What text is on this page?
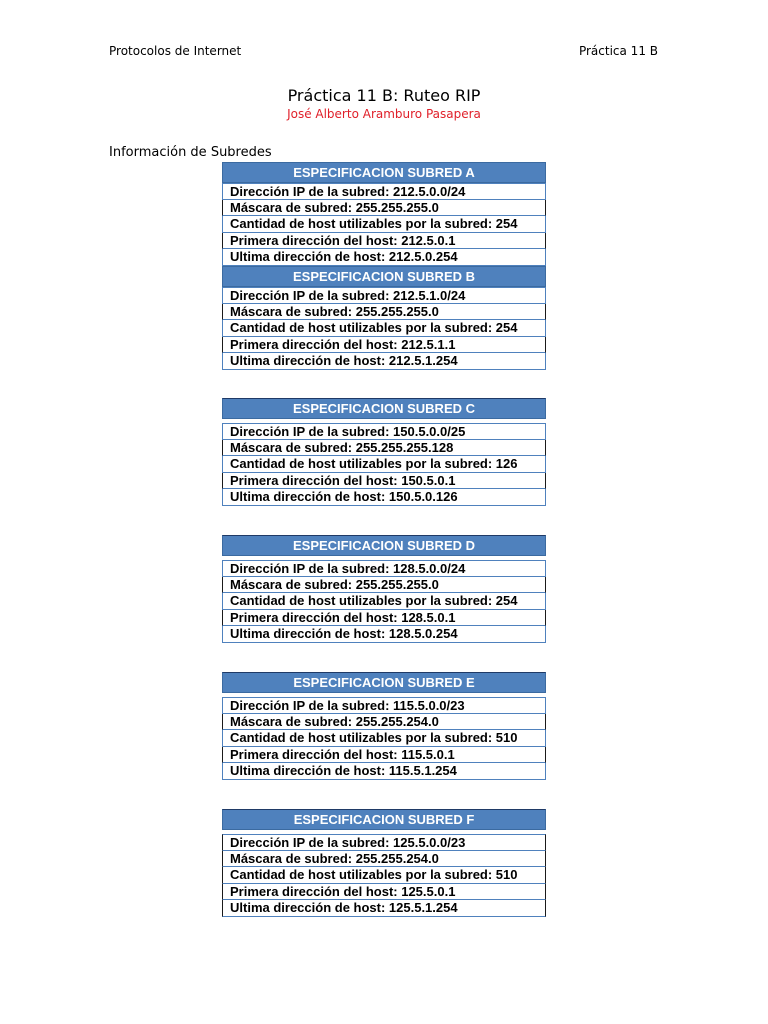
Protocolos de Internet	Práctica 11 B
Práctica 11 B: Ruteo RIP
José Alberto Aramburo Pasapera
Información de Subredes
ESPECIFICACION SUBRED A
Dirección IP de la subred: 212.5.0.0/24
Máscara de subred: 255.255.255.0
Cantidad de host utilizables por la subred: 254
Primera dirección del host: 212.5.0.1
Ultima dirección de host: 212.5.0.254
ESPECIFICACION SUBRED B
Dirección IP de la subred: 212.5.1.0/24
Máscara de subred: 255.255.255.0
Cantidad de host utilizables por la subred: 254
Primera dirección del host: 212.5.1.1
Ultima dirección de host: 212.5.1.254
ESPECIFICACION SUBRED C
Dirección IP de la subred: 150.5.0.0/25
Máscara de subred: 255.255.255.128
Cantidad de host utilizables por la subred: 126
Primera dirección del host: 150.5.0.1
Ultima dirección de host: 150.5.0.126
ESPECIFICACION SUBRED D
Dirección IP de la subred: 128.5.0.0/24
Máscara de subred: 255.255.255.0
Cantidad de host utilizables por la subred: 254
Primera dirección del host: 128.5.0.1
Ultima dirección de host: 128.5.0.254
ESPECIFICACION SUBRED E
Dirección IP de la subred: 115.5.0.0/23
Máscara de subred: 255.255.254.0
Cantidad de host utilizables por la subred: 510
Primera dirección del host: 115.5.0.1
Ultima dirección de host: 115.5.1.254
ESPECIFICACION SUBRED F
Dirección IP de la subred: 125.5.0.0/23
Máscara de subred: 255.255.254.0
Cantidad de host utilizables por la subred: 510
Primera dirección del host: 125.5.0.1
Ultima dirección de host: 125.5.1.254
